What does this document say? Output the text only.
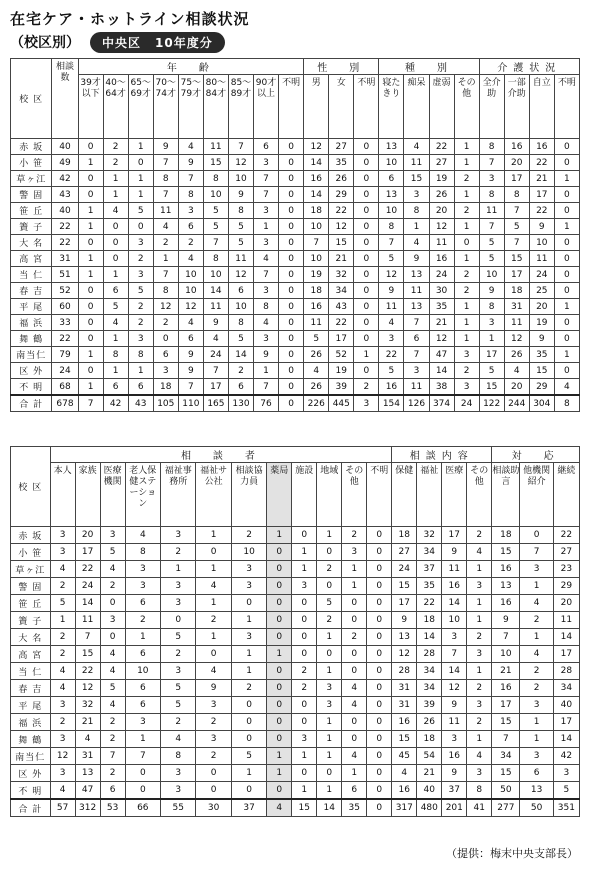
在宅ケア・ホットライン相談状況
（校区別）	中央区 10年度分
校 区	相談数	年　齢									性　別			種　別				介護状況			
		39才以下	40〜64才	65〜69才	70〜74才	75〜79才	80〜84才	85〜89才	90才以上	不明	男	女	不明	寝たきり	痴呆	虚弱	その他	全介助	一部介助	自立	不明
赤 坂	40	0	2	1	9	4	11	7	6	0	12	27	0	13	4	22	1	8	16	16	0
小 笹	49	1	2	0	7	9	15	12	3	0	14	35	0	10	11	27	1	7	20	22	0
草ヶ江	42	0	1	1	8	7	8	10	7	0	16	26	0	6	15	19	2	3	17	21	1
警 固	43	0	1	1	7	8	10	9	7	0	14	29	0	13	3	26	1	8	8	17	0
笹 丘	40	1	4	5	11	3	5	8	3	0	18	22	0	10	8	20	2	11	7	22	0
簀 子	22	1	0	0	4	6	5	5	1	0	10	12	0	8	1	12	1	7	5	9	1
大 名	22	0	0	3	2	2	7	5	3	0	7	15	0	7	4	11	0	5	7	10	0
高 宮	31	1	0	2	1	4	8	11	4	0	10	21	0	5	9	16	1	5	15	11	0
当 仁	51	1	1	3	7	10	10	12	7	0	19	32	0	12	13	24	2	10	17	24	0
春 吉	52	0	6	5	8	10	14	6	3	0	18	34	0	9	11	30	2	9	18	25	0
平 尾	60	0	5	2	12	12	11	10	8	0	16	43	0	11	13	35	1	8	31	20	1
福 浜	33	0	4	2	2	4	9	8	4	0	11	22	0	4	7	21	1	3	11	19	0
舞 鶴	22	0	1	3	0	6	4	5	3	0	5	17	0	3	6	12	1	1	12	9	0
南当仁	79	1	8	8	6	9	24	14	9	0	26	52	1	22	7	47	3	17	26	35	1
区 外	24	0	1	1	3	9	7	2	1	0	4	19	0	5	3	14	2	5	4	15	0
不 明	68	1	6	6	18	7	17	6	7	0	26	39	2	16	11	38	3	15	20	29	4
合 計	678	7	42	43	105	110	165	130	76	0	226	445	3	154	126	374	24	122	244	304	8
校 区	相　談　者												相談内容				対　応		
	本人	家族	医療機関	老人保健ステーション	福祉事務所	福祉サ公社	相談協力員	薬局	施設	地域	その他	不明	保健	福祉	医療	その他	相談助言	他機関紹介	継続
赤 坂	3	20	3	4	3	1	2	1	0	1	2	0	18	32	17	2	18	0	22
小 笹	3	17	5	8	2	0	10	0	1	0	3	0	27	34	9	4	15	7	27
草ヶ江	4	22	4	3	1	1	3	0	1	2	1	0	24	37	11	1	16	3	23
警 固	2	24	2	3	3	4	3	0	3	0	1	0	15	35	16	3	13	1	29
笹 丘	5	14	0	6	3	1	0	0	0	5	0	0	17	22	14	1	16	4	20
簀 子	1	11	3	2	0	2	1	0	0	2	0	0	9	18	10	1	9	2	11
大 名	2	7	0	1	5	1	3	0	0	1	2	0	13	14	3	2	7	1	14
高 宮	2	15	4	6	2	0	1	1	0	0	0	0	12	28	7	3	10	4	17
当 仁	4	22	4	10	3	4	1	0	2	1	0	0	28	34	14	1	21	2	28
春 吉	4	12	5	6	5	9	2	0	2	3	4	0	31	34	12	2	16	2	34
平 尾	3	32	4	6	5	3	0	0	0	3	4	0	31	39	9	3	17	3	40
福 浜	2	21	2	3	2	2	0	0	0	1	0	0	16	26	11	2	15	1	17
舞 鶴	3	4	2	1	4	3	0	0	3	1	0	0	15	18	3	1	7	1	14
南当仁	12	31	7	7	8	2	5	1	1	1	4	0	45	54	16	4	34	3	42
区 外	3	13	2	0	3	0	1	1	0	0	1	0	4	21	9	3	15	6	3
不 明	4	47	6	0	3	0	0	0	1	1	6	0	16	40	37	8	50	13	5
合 計	57	312	53	66	55	30	37	4	15	14	35	0	317	480	201	41	277	50	351
（提供：梅末中央支部長）
